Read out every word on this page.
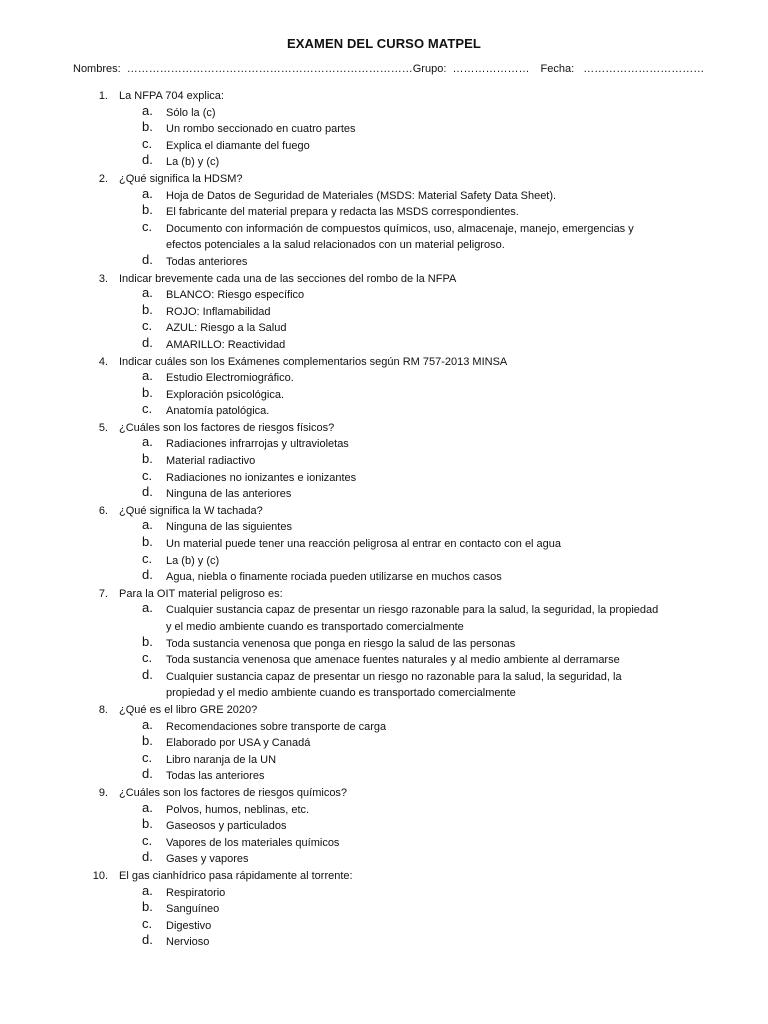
EXAMEN DEL CURSO MATPEL
Nombres: ……………………………………………………………………Grupo: ………………… Fecha: ……………………………
1. La NFPA 704 explica:
a. Sólo la (c)
b. Un rombo seccionado en cuatro partes
c.	Explica el diamante del fuego
d. La (b) y (c)
2. ¿Qué significa la HDSM?
a. Hoja de Datos de Seguridad de Materiales (MSDS: Material Safety Data Sheet).
b. El fabricante del material prepara y redacta las MSDS correspondientes.
c.	Documento con información de compuestos químicos, uso, almacenaje, manejo, emergencias y efectos potenciales a la salud relacionados con un material peligroso.
d. Todas anteriores
3. Indicar brevemente cada una de las secciones del rombo de la NFPA
a. BLANCO: Riesgo específico
b. ROJO: Inflamabilidad
c.	AZUL: Riesgo a la Salud
d. AMARILLO: Reactividad
4. Indicar cuáles son los Exámenes complementarios según RM 757-2013 MINSA
a. Estudio Electromiográfico.
b. Exploración psicológica.
c.	Anatomía patológica.
5. ¿Cuáles son los factores de riesgos físicos?
a. Radiaciones infrarrojas y ultravioletas
b. Material radiactivo
c.	Radiaciones no ionizantes e ionizantes
d. Ninguna de las anteriores
6. ¿Qué significa la W tachada?
a. Ninguna de las siguientes
b. Un material puede tener una reacción peligrosa al entrar en contacto con el agua
c.	La (b) y (c)
d. Agua, niebla o finamente rociada pueden utilizarse en muchos casos
7. Para la OIT material peligroso es:
a. Cualquier sustancia capaz de presentar un riesgo razonable para la salud, la seguridad, la propiedad y el medio ambiente cuando es transportado comercialmente
b. Toda sustancia venenosa que ponga en riesgo la salud de las personas
c.	Toda sustancia venenosa que amenace fuentes naturales y al medio ambiente al derramarse
d. Cualquier sustancia capaz de presentar un riesgo no razonable para la salud, la seguridad, la propiedad y el medio ambiente cuando es transportado comercialmente
8. ¿Qué es el libro GRE 2020?
a. Recomendaciones sobre transporte de carga
b. Elaborado por USA y Canadá
c.	Libro naranja de la UN
d. Todas las anteriores
9. ¿Cuáles son los factores de riesgos químicos?
a. Polvos, humos, neblinas, etc.
b. Gaseosos y particulados
c.	Vapores de los materiales químicos
d. Gases y vapores
10. El gas cianhídrico pasa rápidamente al torrente:
a. Respiratorio
b. Sanguíneo
c.	Digestivo
d. Nervioso
